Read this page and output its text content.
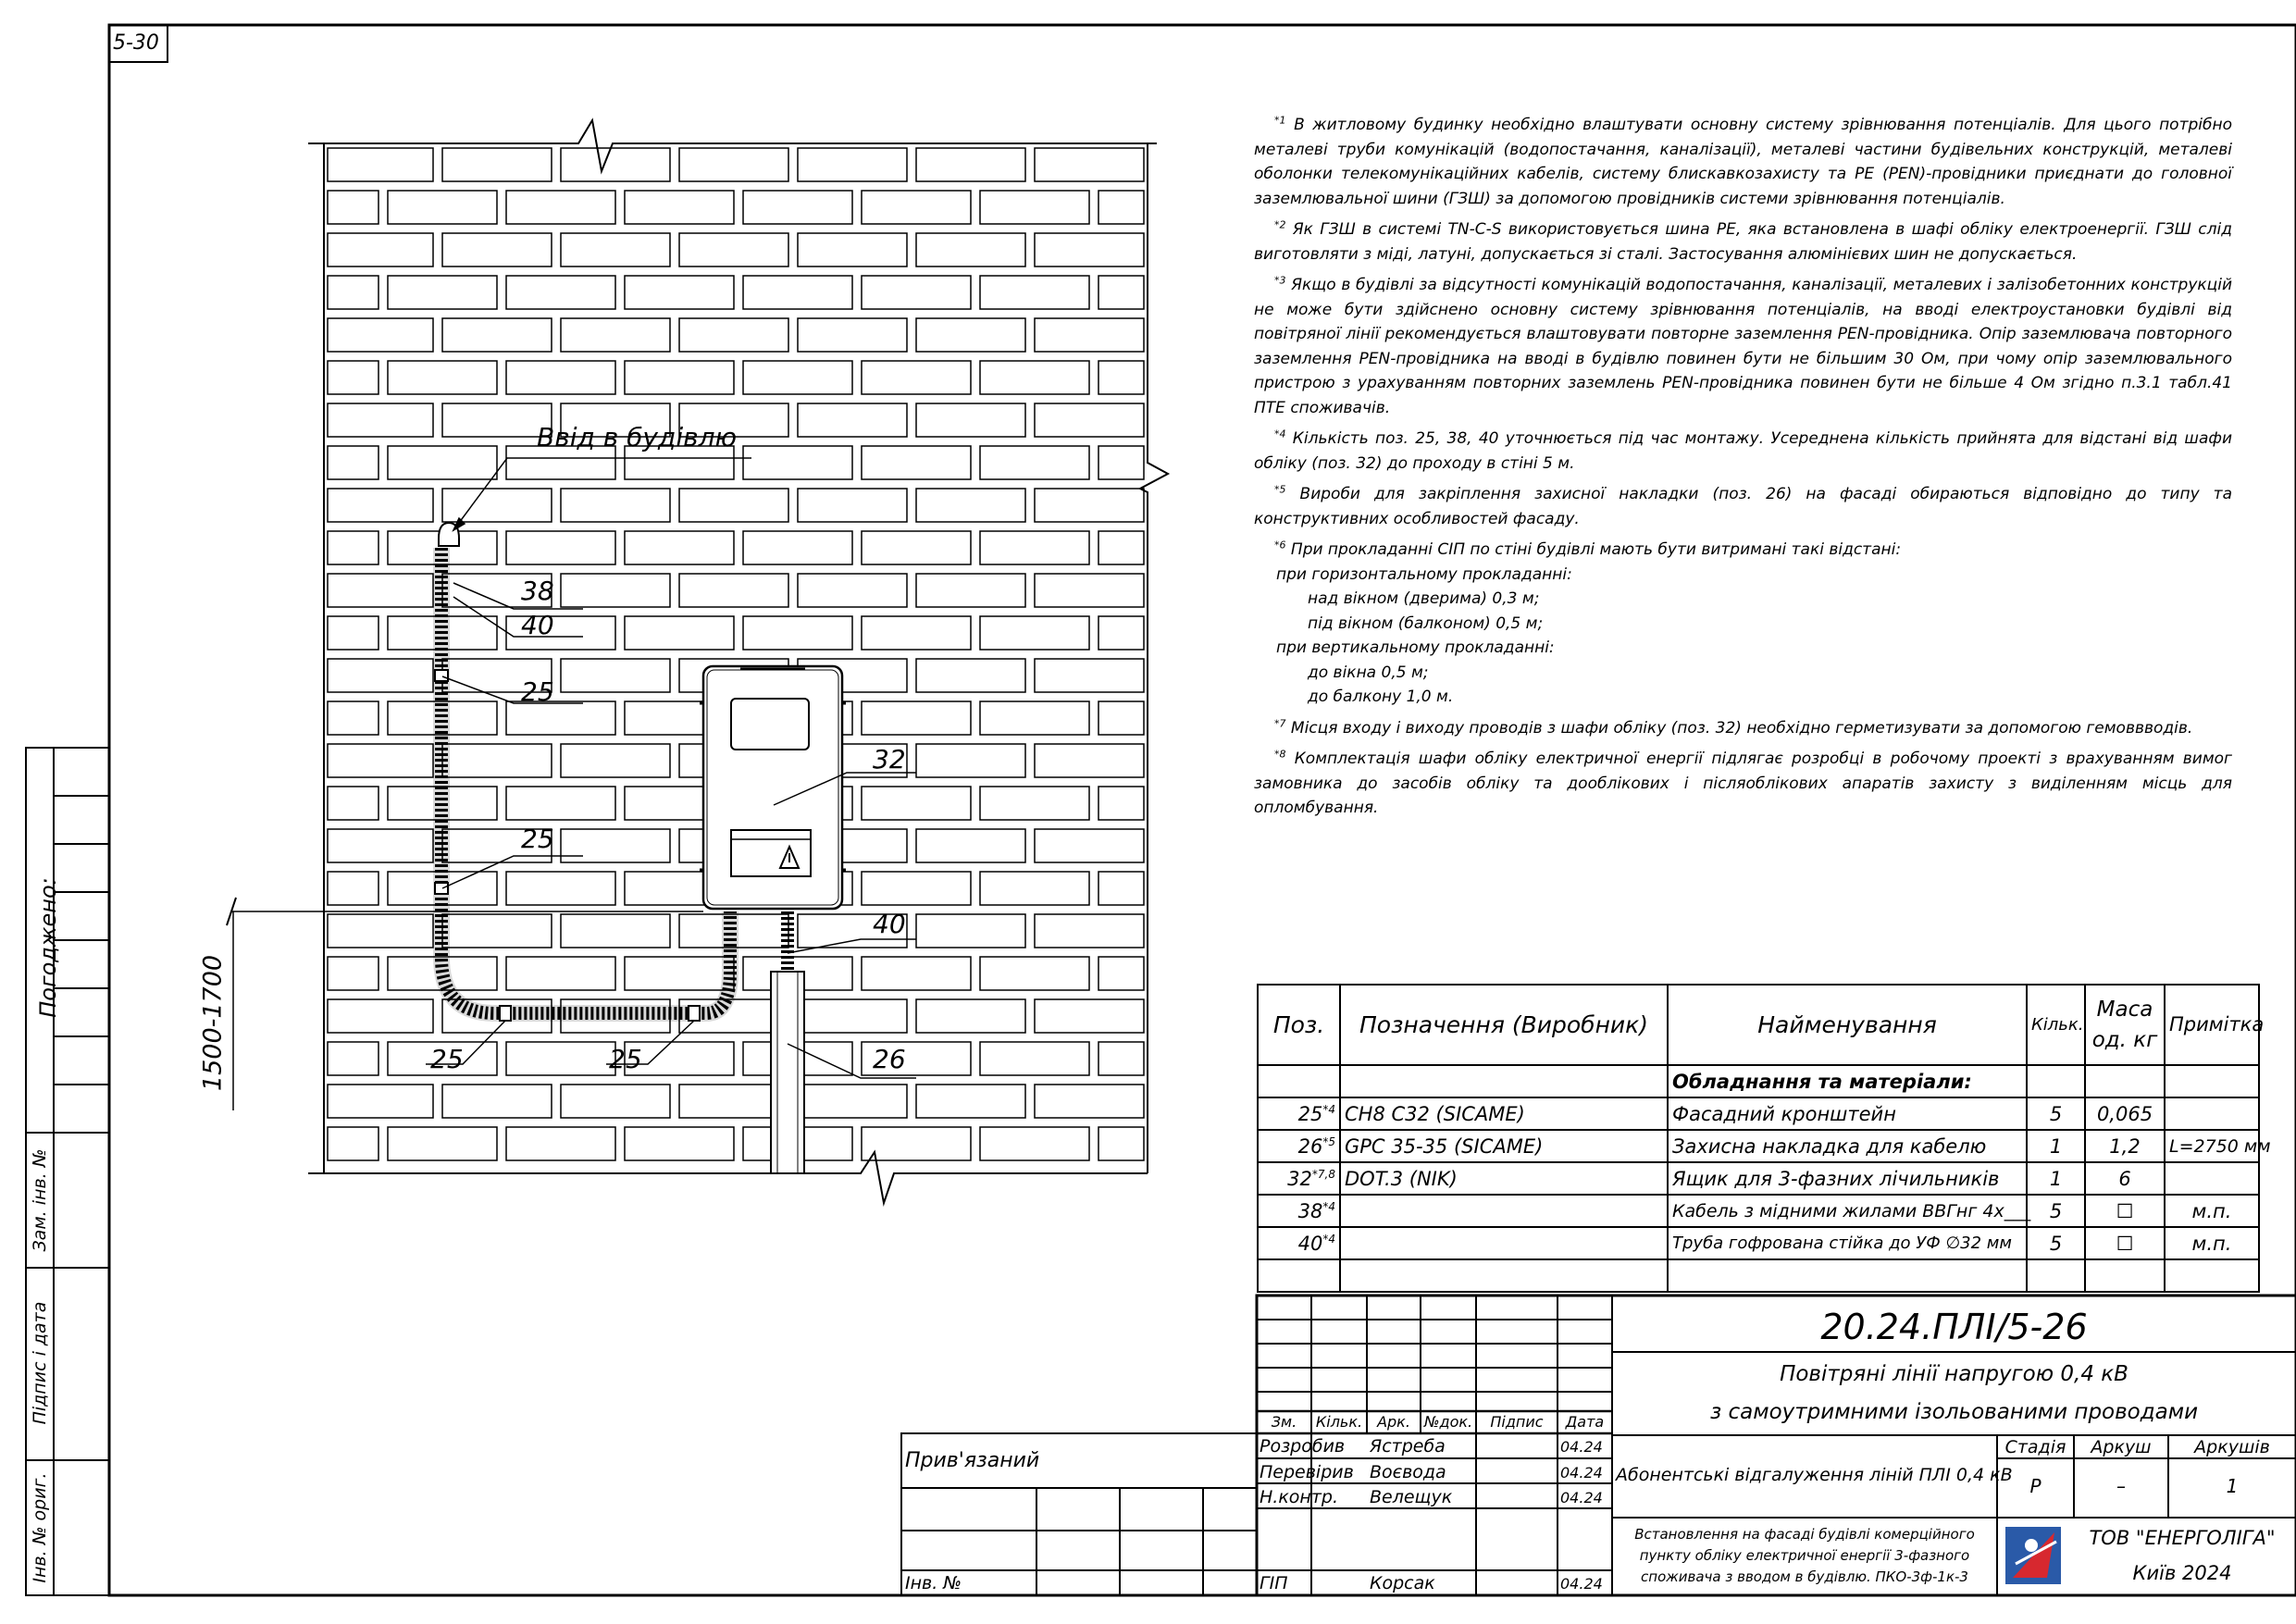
5-30
Погоджено:
Зам. інв. №
Підпис і дата
Інв. № ориг.
Ввід в будівлю
1500-1700
38
40
25
25
32
40
25	25	26

$^{*1}$ В житловому будинку необхідно влаштувати основну систему зрівнювання потенціалів. Для цього потрібно металеві труби комунікацій (водопостачання, каналізації), металеві частини будівельних конструкцій, металеві оболонки телекомунікаційних кабелів, систему блискавкозахисту та PE (PEN)-провідники приєднати до головної заземлювальної шини (ГЗШ) за допомогою провідників системи зрівнювання потенціалів.

$^{*2}$ Як ГЗШ в системі TN-C-S використовується шина PE, яка встановлена в шафі обліку електроенергії. ГЗШ слід виготовляти з міді, латуні, допускається зі сталі. Застосування алюмінієвих шин не допускається.

$^{*3}$ Якщо в будівлі за відсутності комунікацій водопостачання, каналізації, металевих і залізобетонних конструкцій не може бути здійснено основну систему зрівнювання потенціалів, на вводі електроустановки будівлі від повітряної лінії рекомендується влаштовувати повторне заземлення PEN-провідника. Опір заземлювача повторного заземлення PEN-провідника на вводі в будівлю повинен бути не більшим 30 Ом, при чому опір заземлювального пристрою з урахуванням повторних заземлень PEN-провідника повинен бути не більше 4 Ом згідно п.3.1 табл.41 ПТЕ споживачів.

$^{*4}$ Кількість поз. 25, 38, 40 уточнюється під час монтажу. Усереднена кількість прийнята для відстані від шафи обліку (поз. 32) до проходу в стіні 5 м.

$^{*5}$ Вироби для закріплення захисної накладки (поз. 26) на фасаді обираються відповідно до типу та конструктивних особливостей фасаду.

$^{*6}$ При прокладанні СІП по стіні будівлі мають бути витримані такі відстані:

при горизонтальному прокладанні:
над вікном (дверима) 0,3 м;
під вікном (балконом) 0,5 м;
при вертикальному прокладанні:
до вікна 0,5 м;
до балкону 1,0 м.

$^{*7}$ Місця входу і виходу проводів з шафи обліку (поз. 32) необхідно герметизувати за допомогою гемоввводів.

$^{*8}$ Комплектація шафи обліку електричної енергії підлягає розробці в робочому проекті з врахуванням вимог замовника до засобів обліку та дооблікових і післяоблікових апаратів захисту з виділенням місць для опломбування.

Поз.	Позначення (Виробник)	Найменування	Кільк.	Маса од. кг	Примітка
		Обладнання та матеріали:			
25$^{*4}$	CH8 C32 (SICAME)	Фасадний кронштейн	5	0,065	
26$^{*5}$	GPC 35-35 (SICAME)	Захисна накладка для кабелю	1	1,2	L=2750 мм
32$^{*7,8}$	DOT.3 (NIK)	Ящик для 3-фазних лічильників	1	6	
38$^{*4}$		Кабель з мідними жилами ВВГнг 4х___	5	☐	м.п.
40$^{*4}$		Труба гофрована стійка до УФ ∅32 мм	5	☐	м.п.

20.24.ПЛІ/5-26
Повітряні лінії напругою 0,4 кВ
з самоутримними ізольованими проводами
Абонентські відгалуження ліній ПЛІ 0,4 кВ
Встановлення на фасаді будівлі комерційного
пункту обліку електричної енергії 3-фазного
споживача з вводом в будівлю. ПКО-3ф-1к-3
Стадія	Аркуш	Аркушів
Р	–	1
ТОВ "ЕНЕРГОЛІГА"
Київ 2024
Зм.	Кільк. Арк. №док.	Підпис	Дата
Розробив Ястреба	04.24
Перевірив Воєвода	04.24
Н.контр. Велещук	04.24
ГІП	Корсак	04.24
Прив'язаний
Інв. №
